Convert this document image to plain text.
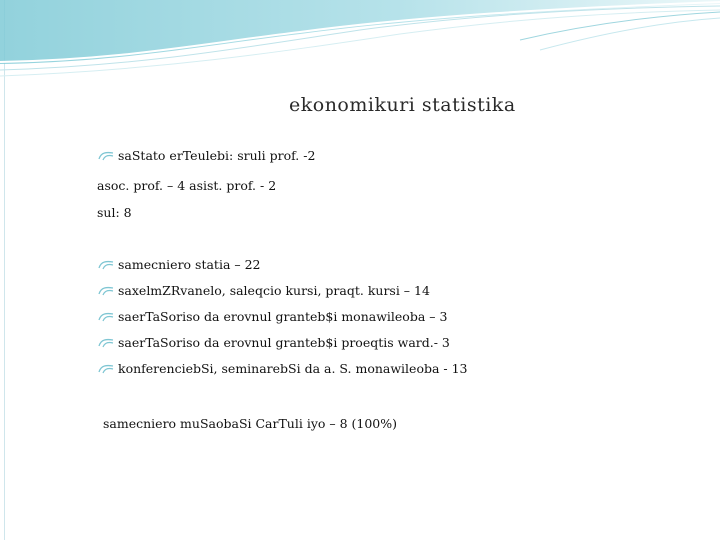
ekonomikuri statistika
saStato erTeulebi: sruli prof. -2
asoc. prof. – 4 asist. prof. - 2
sul: 8
samecniero statia – 22
saxelmZRvanelo, saleqcio kursi, praqt. kursi – 14
saerTaSoriso da erovnul granteb$i monawileoba – 3
saerTaSoriso da erovnul granteb$i proeqtis ward.- 3
konferenciebSi, seminarebSi da a. S. monawileoba - 13
samecniero muSaobaSi CarTuli iyo – 8 (100%)
